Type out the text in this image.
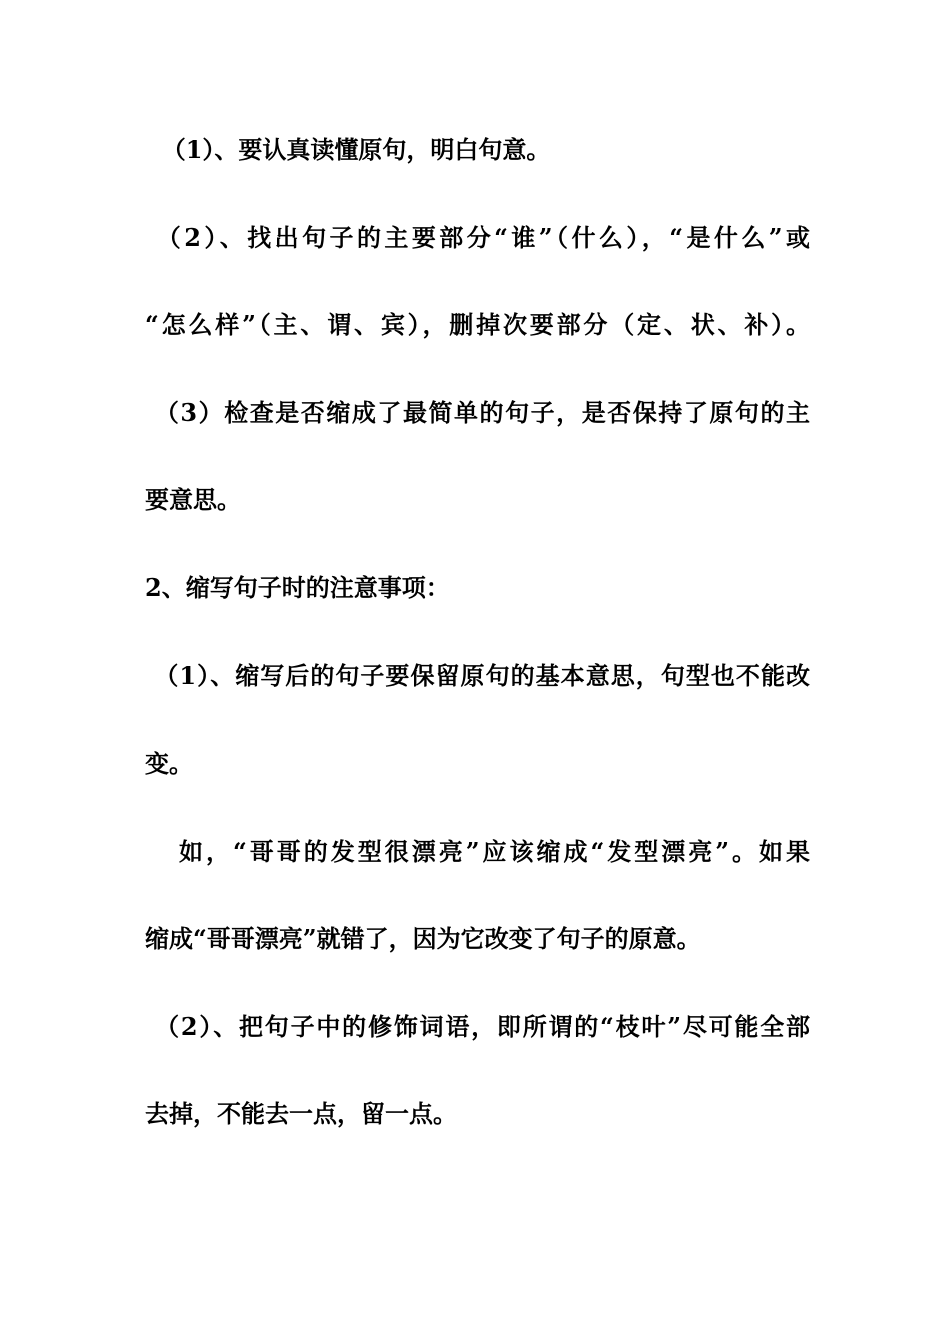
（1）、要认真读懂原句，明白句意。
（2）、找出句子的主要部分“谁”（什么），“是什么”或
“怎么样”（主、谓、宾），删掉次要部分（定、状、补）。
（3）检查是否缩成了最简单的句子，是否保持了原句的主
要意思。
2、缩写句子时的注意事项：
（1）、缩写后的句子要保留原句的基本意思，句型也不能改
变。
如，“哥哥的发型很漂亮”应该缩成“发型漂亮”。如果
缩成“哥哥漂亮”就错了，因为它改变了句子的原意。
（2）、把句子中的修饰词语，即所谓的“枝叶”尽可能全部
去掉，不能去一点，留一点。
